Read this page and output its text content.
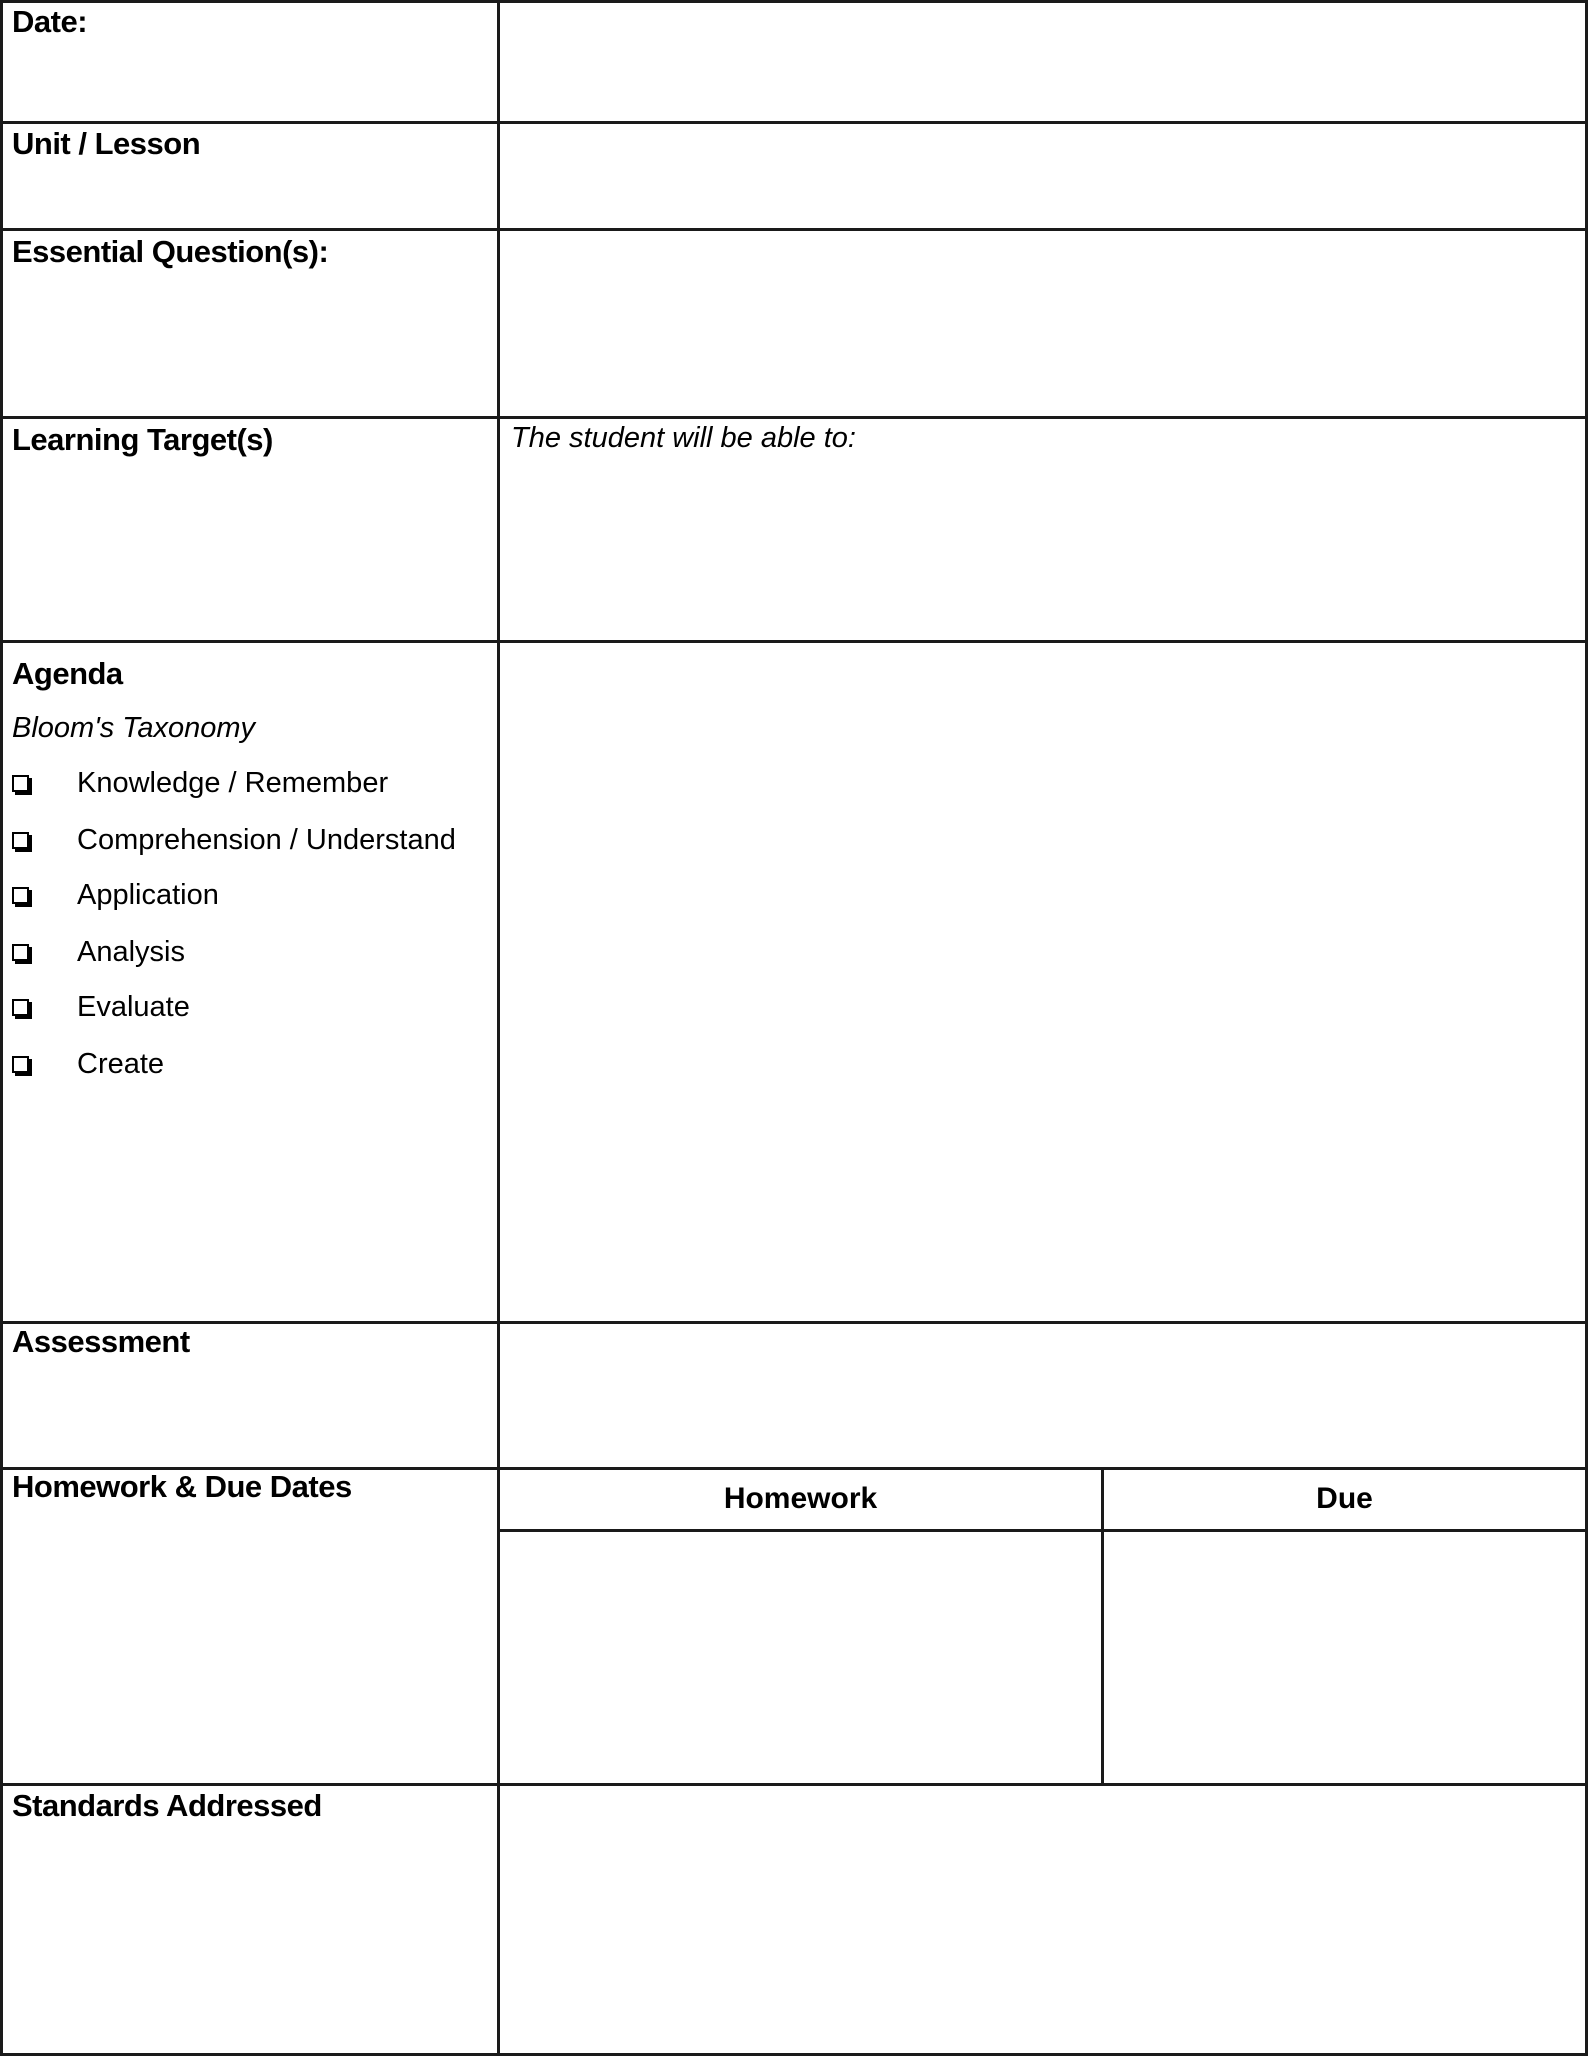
Date:
Unit / Lesson
Essential Question(s):
Learning Target(s)	The student will be able to:
Agenda
Bloom's Taxonomy
Knowledge / Remember
Comprehension / Understand
Application
Analysis
Evaluate
Create
Assessment
Homework & Due Dates	Homework	Due
Standards Addressed
